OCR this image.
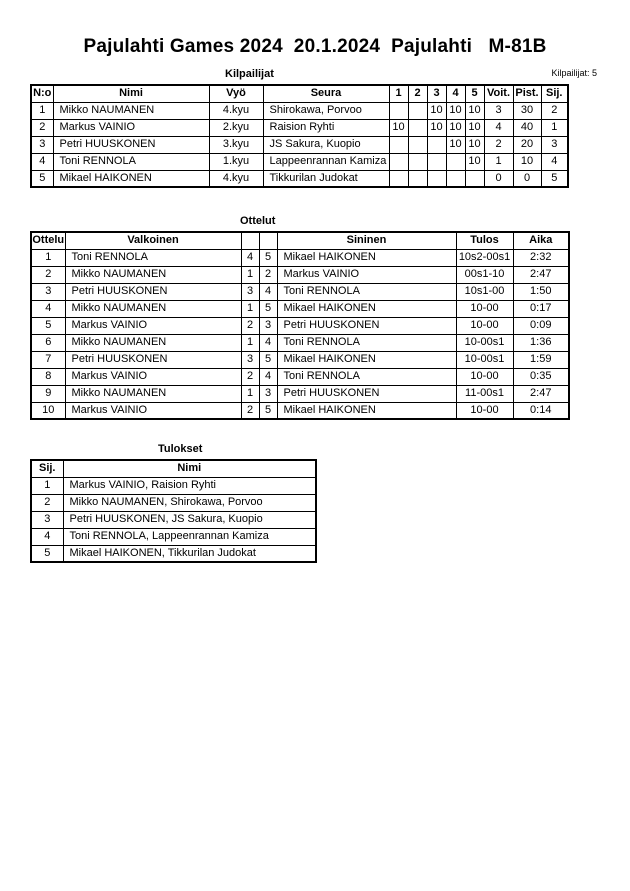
Pajulahti Games 2024  20.1.2024  Pajulahti   M-81B
Kilpailijat: 5
Kilpailijat
N:o	Nimi	Vyö	Seura	1	2	3	4	5	Voit.	Pist.	Sij.
1	Mikko NAUMANEN	4.kyu	Shirokawa, Porvoo			10	10	10	3	30	2
2	Markus VAINIO	2.kyu	Raision Ryhti	10		10	10	10	4	40	1
3	Petri HUUSKONEN	3.kyu	JS Sakura, Kuopio				10	10	2	20	3
4	Toni RENNOLA	1.kyu	Lappeenrannan Kamiza					10	1	10	4
5	Mikael HAIKONEN	4.kyu	Tikkurilan Judokat						0	0	5
Ottelut
Ottelu	Valkoinen			Sininen	Tulos	Aika
1	Toni RENNOLA	4	5	Mikael HAIKONEN	10s2-00s1	2:32
2	Mikko NAUMANEN	1	2	Markus VAINIO	00s1-10	2:47
3	Petri HUUSKONEN	3	4	Toni RENNOLA	10s1-00	1:50
4	Mikko NAUMANEN	1	5	Mikael HAIKONEN	10-00	0:17
5	Markus VAINIO	2	3	Petri HUUSKONEN	10-00	0:09
6	Mikko NAUMANEN	1	4	Toni RENNOLA	10-00s1	1:36
7	Petri HUUSKONEN	3	5	Mikael HAIKONEN	10-00s1	1:59
8	Markus VAINIO	2	4	Toni RENNOLA	10-00	0:35
9	Mikko NAUMANEN	1	3	Petri HUUSKONEN	11-00s1	2:47
10	Markus VAINIO	2	5	Mikael HAIKONEN	10-00	0:14
Tulokset
Sij.	Nimi
1	Markus VAINIO, Raision Ryhti
2	Mikko NAUMANEN, Shirokawa, Porvoo
3	Petri HUUSKONEN, JS Sakura, Kuopio
4	Toni RENNOLA, Lappeenrannan Kamiza
5	Mikael HAIKONEN, Tikkurilan Judokat
